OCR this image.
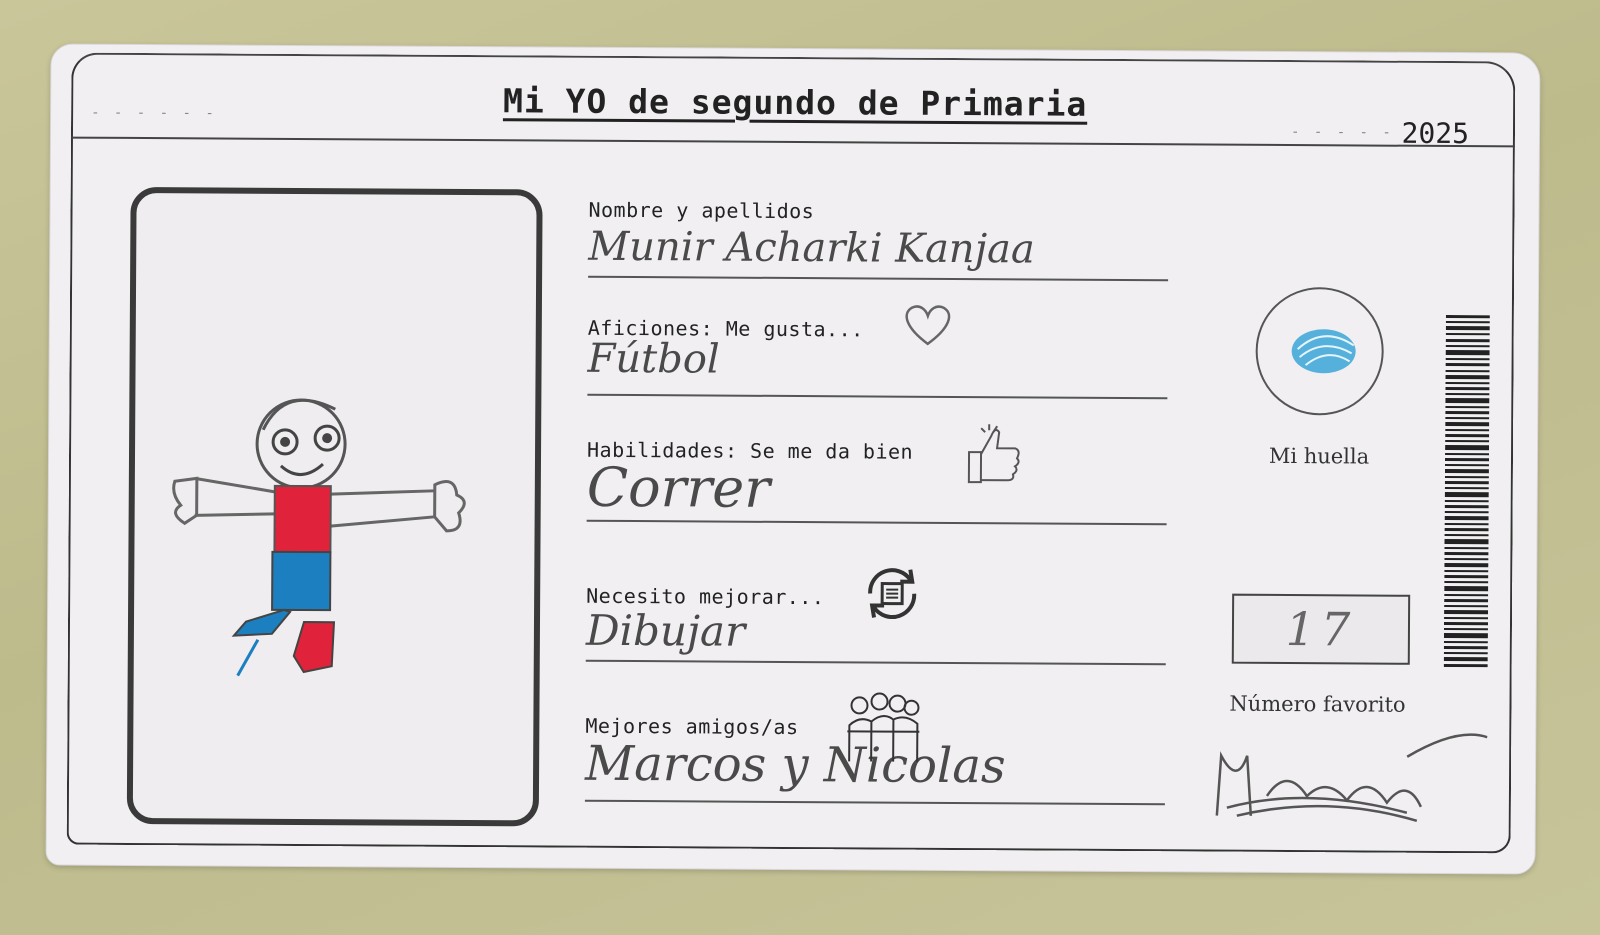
- - - - - -
- - - - -
Mi YO de segundo de Primaria
2025
Nombre y apellidos
Munir Acharki Kanjaa
Aficiones: Me gusta...
Fútbol
Habilidades: Se me da bien
Correr
Necesito mejorar...
Dibujar
Mejores amigos/as
Marcos y Nicolas
Mi huella
17
Número favorito
